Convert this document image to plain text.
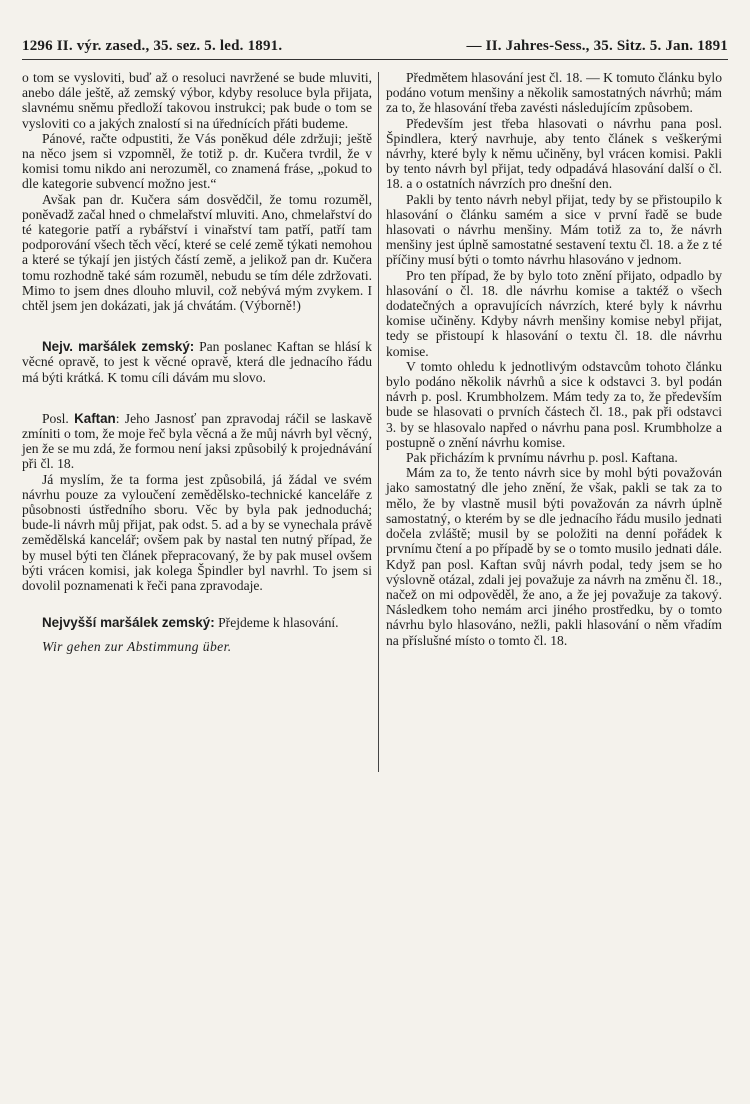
1296 II. výr. zased., 35. sez. 5. led. 1891.	— II. Jahres-Sess., 35. Sitz. 5. Jan. 1891

o tom se vysloviti, buď až o resoluci navržené se bude mluviti, anebo dále ještě, až zemský výbor, kdyby resoluce byla přijata, slavnému sněmu předloží takovou instrukci; pak bude o tom se vysloviti co a jakých znalostí si na úřednících přáti budeme.

Pánové, račte odpustiti, že Vás poněkud déle zdržuji; ještě na něco jsem si vzpomněl, že totiž p. dr. Kučera tvrdil, že v komisi tomu nikdo ani nerozuměl, co znamená fráse, „pokud to dle kategorie subvencí možno jest.“

Avšak pan dr. Kučera sám dosvědčil, že tomu rozuměl, poněvadž začal hned o chmelařství mluviti. Ano, chmelařství do té kategorie patří a rybářství i vinařství tam patří, patří tam podporování všech těch věcí, které se celé země týkati nemohou a které se týkají jen jistých částí země, a jelikož pan dr. Kučera tomu rozhodně také sám rozuměl, nebudu se tím déle zdržovati. Mimo to jsem dnes dlouho mluvil, což nebývá mým zvykem. I chtěl jsem jen dokázati, jak já chvátám. (Výborně!)

Nejv. maršálek zemský: Pan poslanec Kaftan se hlásí k věcné opravě, to jest k věcné opravě, která dle jednacího řádu má býti krátká. K tomu cíli dávám mu slovo.

Posl. Kaftan: Jeho Jasnosť pan zpravodaj ráčil se laskavě zmíniti o tom, že moje řeč byla věcná a že můj návrh byl věcný, jen že se mu zdá, že formou není jaksi způsobilý k projednávání při čl. 18.

Já myslím, že ta forma jest způsobilá, já žádal ve svém návrhu pouze za vyloučení zemědělsko-technické kanceláře z působnosti ústředního sboru. Věc by byla pak jednoduchá; bude-li návrh můj přijat, pak odst. 5. ad a by se vynechala právě zemědělská kancelář; ovšem pak by nastal ten nutný případ, že by musel býti ten článek přepracovaný, že by pak musel ovšem býti vrácen komisi, jak kolega Špindler byl navrhl. To jsem si dovolil poznamenati k řeči pana zpravodaje.

Nejvyšší maršálek zemský: Přejdeme k hlasování.

Wir gehen zur Abstimmung über.

Předmětem hlasování jest čl. 18. — K tomuto článku bylo podáno votum menšiny a několik samostatných návrhů; mám za to, že hlasování třeba zavésti následujícím způsobem.

Především jest třeba hlasovati o návrhu pana posl. Špindlera, který navrhuje, aby tento článek s veškerými návrhy, které byly k němu učiněny, byl vrácen komisi. Pakli by tento návrh byl přijat, tedy odpadává hlasování další o čl. 18. a o ostatních návrzích pro dnešní den.

Pakli by tento návrh nebyl přijat, tedy by se přistoupilo k hlasování o článku samém a sice v první řadě se bude hlasovati o návrhu menšiny. Mám totiž za to, že návrh menšiny jest úplně samostatné sestavení textu čl. 18. a že z té příčiny musí býti o tomto návrhu hlasováno v jednom.

Pro ten případ, že by bylo toto znění přijato, odpadlo by hlasování o čl. 18. dle návrhu komise a taktéž o všech dodatečných a opravujících návrzích, které byly k návrhu komise učiněny. Kdyby návrh menšiny komise nebyl přijat, tedy se přistoupí k hlasování o textu čl. 18. dle návrhu komise.

V tomto ohledu k jednotlivým odstavcům tohoto článku bylo podáno několik návrhů a sice k odstavci 3. byl podán návrh p. posl. Krumbholzem. Mám tedy za to, že především bude se hlasovati o prvních částech čl. 18., pak při odstavci 3. by se hlasovalo napřed o návrhu pana posl. Krumbholze a postupně o znění návrhu komise.

Pak přicházím k prvnímu návrhu p. posl. Kaftana.

Mám za to, že tento návrh sice by mohl býti považován jako samostatný dle jeho znění, že však, pakli se tak za to mělo, že by vlastně musil býti považován za návrh úplně samostatný, o kterém by se dle jednacího řádu musilo jednati dočela zvláště; musil by se položiti na denní pořádek k prvnímu čtení a po případě by se o tomto musilo jednati dále. Když pan posl. Kaftan svůj návrh podal, tedy jsem se ho výslovně otázal, zdali jej považuje za návrh na změnu čl. 18., načež on mi odpověděl, že ano, a že jej považuje za takový. Následkem toho nemám arci jiného prostředku, by o tomto návrhu bylo hlasováno, nežli, pakli hlasování o něm vřadím na příslušné místo o tomto čl. 18.
